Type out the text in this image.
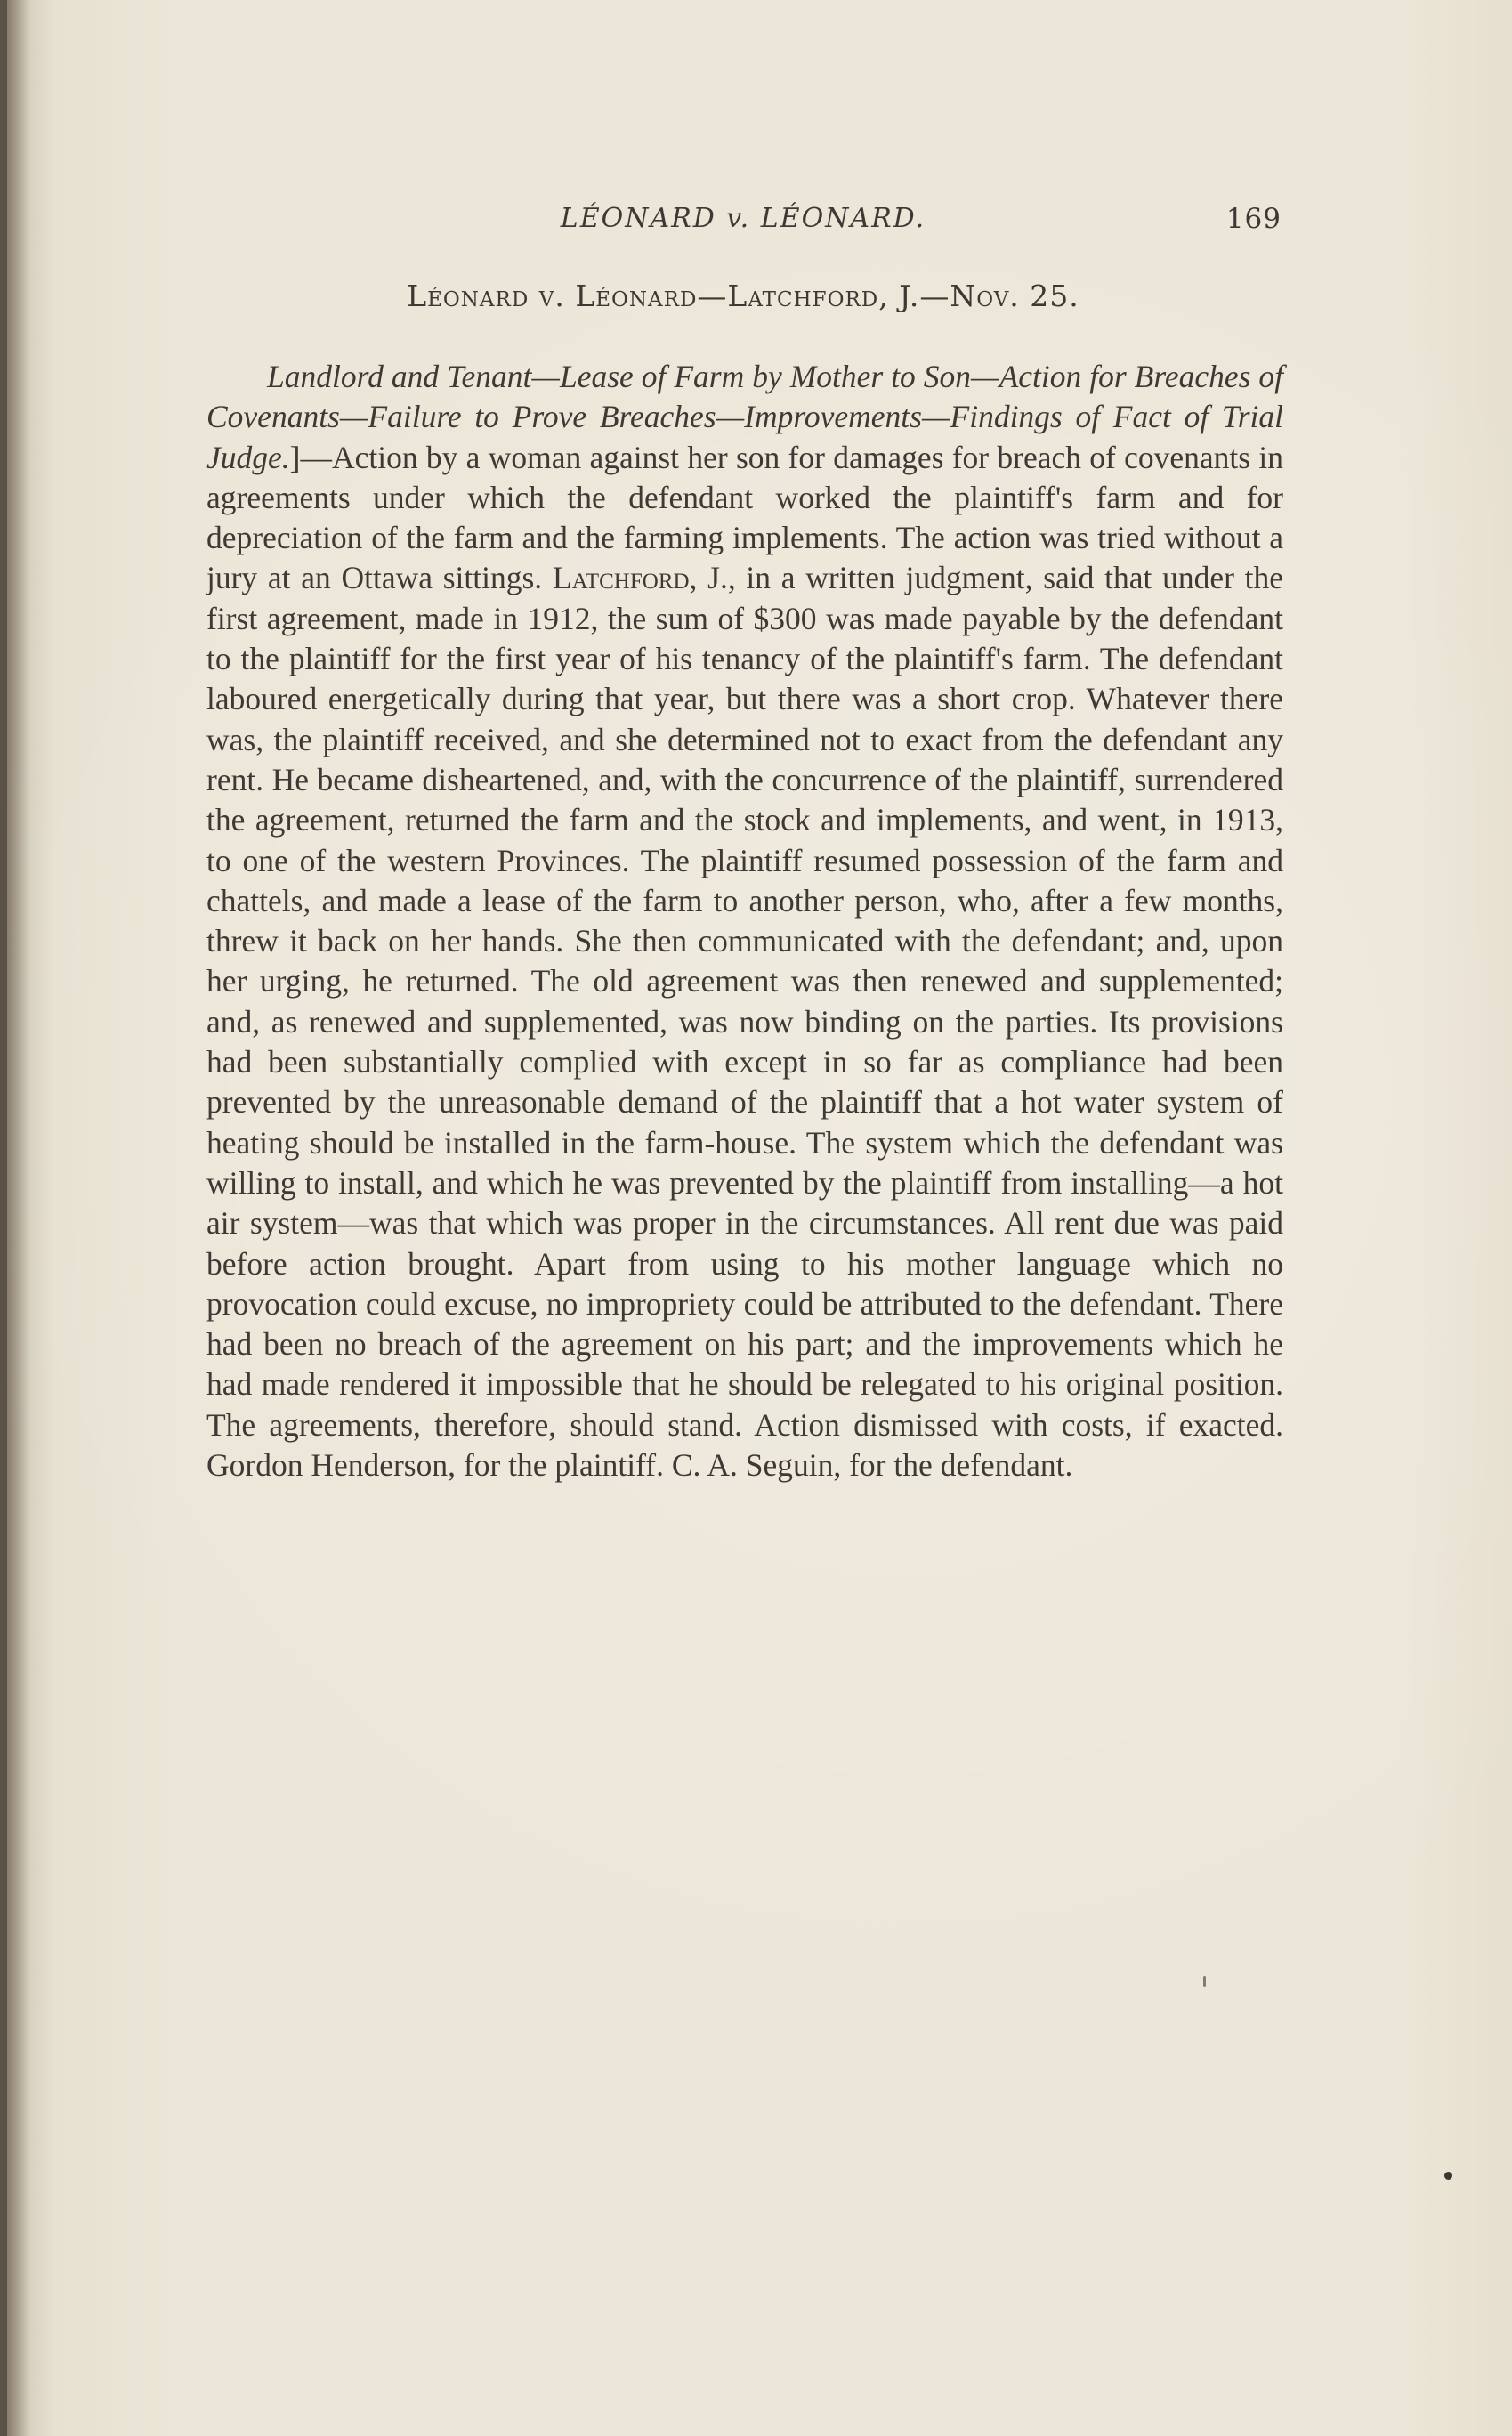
LÉONARD v. LÉONARD.	169
Léonard v. Léonard—Latchford, J.—Nov. 25.

Landlord and Tenant—Lease of Farm by Mother to Son—Action for Breaches of Covenants—Failure to Prove Breaches—Improvements—Findings of Fact of Trial Judge.]—Action by a woman against her son for damages for breach of covenants in agreements under which the defendant worked the plaintiff's farm and for depreciation of the farm and the farming implements. The action was tried without a jury at an Ottawa sittings. Latchford, J., in a written judgment, said that under the first agreement, made in 1912, the sum of $300 was made payable by the defendant to the plaintiff for the first year of his tenancy of the plaintiff's farm. The defendant laboured energetically during that year, but there was a short crop. Whatever there was, the plaintiff received, and she determined not to exact from the defendant any rent. He became disheartened, and, with the concurrence of the plaintiff, surrendered the agreement, returned the farm and the stock and implements, and went, in 1913, to one of the western Provinces. The plaintiff resumed possession of the farm and chattels, and made a lease of the farm to another person, who, after a few months, threw it back on her hands. She then communicated with the defendant; and, upon her urging, he returned. The old agreement was then renewed and supplemented; and, as renewed and supplemented, was now binding on the parties. Its provisions had been substantially complied with except in so far as compliance had been prevented by the unreasonable demand of the plaintiff that a hot water system of heating should be installed in the farm-house. The system which the defendant was willing to install, and which he was prevented by the plaintiff from installing—a hot air system—was that which was proper in the circumstances. All rent due was paid before action brought. Apart from using to his mother language which no provocation could excuse, no impropriety could be attributed to the defendant. There had been no breach of the agreement on his part; and the improvements which he had made rendered it impossible that he should be relegated to his original position. The agreements, therefore, should stand. Action dismissed with costs, if exacted. Gordon Henderson, for the plaintiff. C. A. Seguin, for the defendant.
